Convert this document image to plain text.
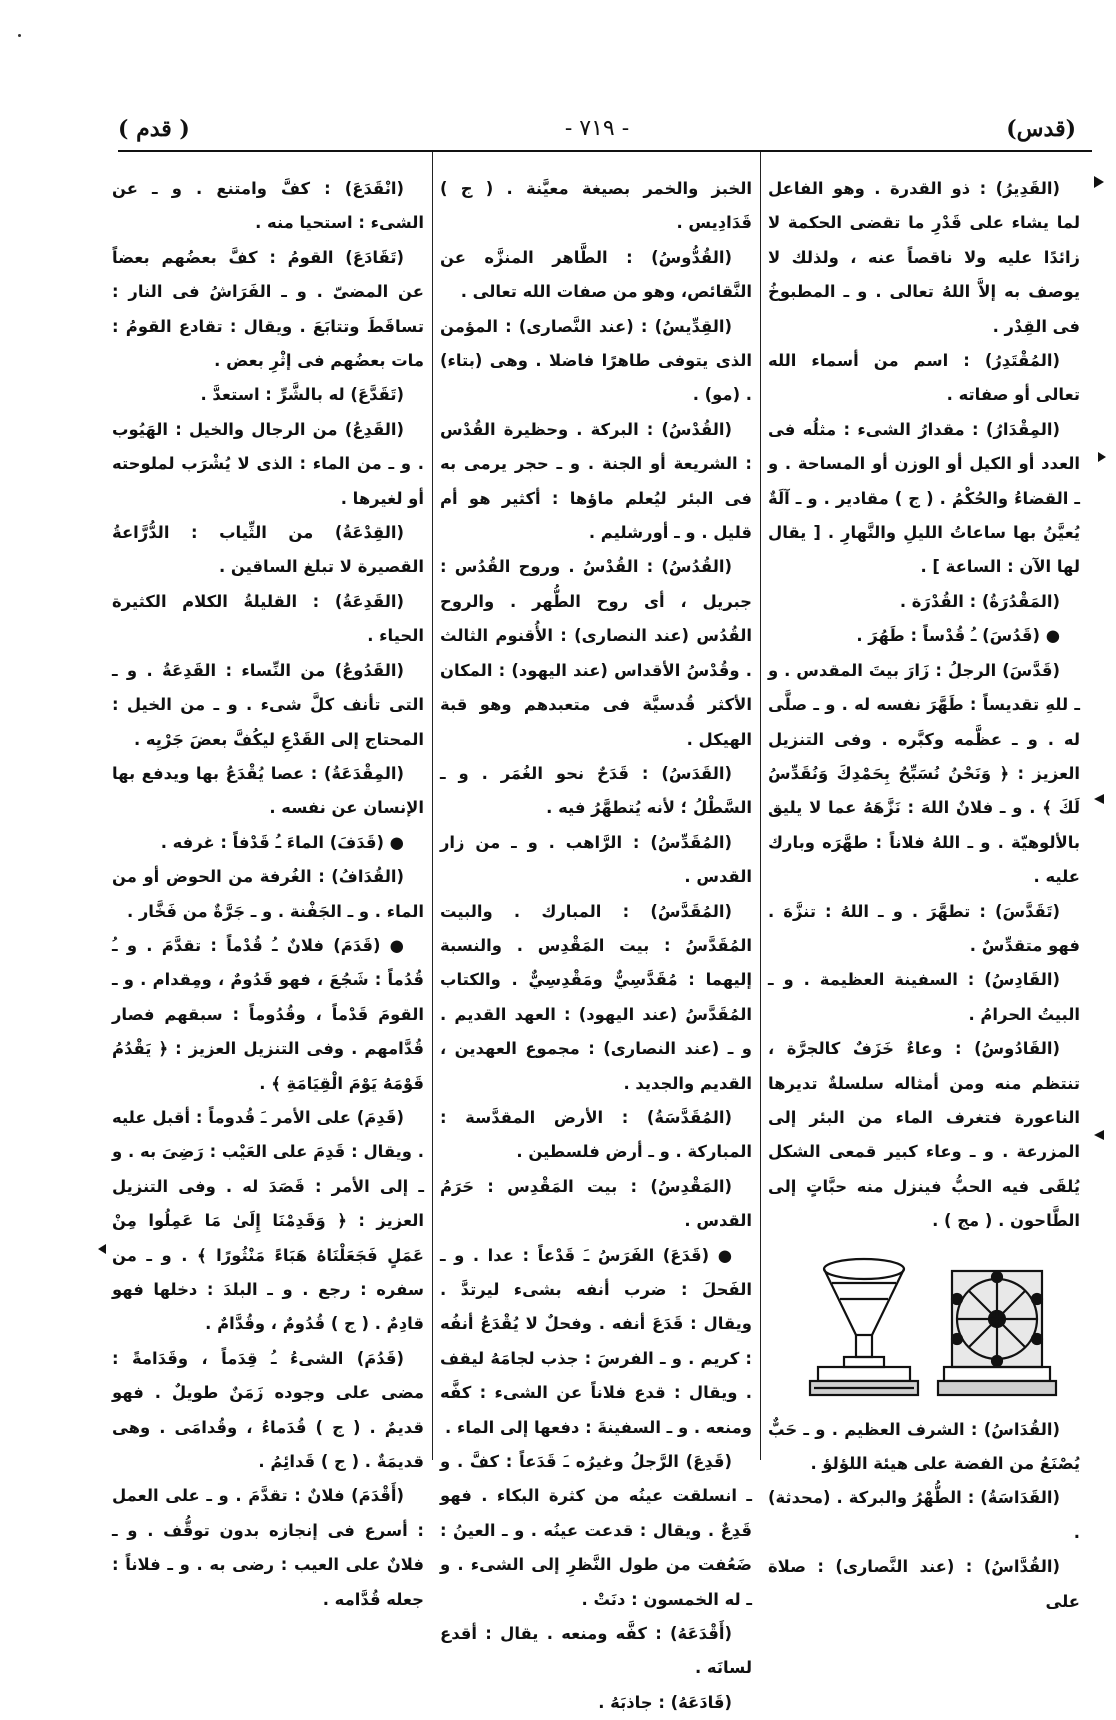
(قدس)
- ٧١٩ -
( قدم )

(القَدِيرُ) : ذو القدرة . وهو الفاعل لما يشاء على قَدْرِ ما تقضى الحكمة لا زائدًا عليه ولا ناقصاً عنه ، ولذلك لا يوصف به إلاَّ اللهُ تعالى . و ـ المطبوخُ فى القِدْر .

(المُقْتَدِرُ) : اسم من أسماء الله تعالى أو صفاته .

(المِقْدَارُ) : مقدارُ الشىء : مثلُه فى العدد أو الكيل أو الوزن أو المساحة . و ـ القضاءُ والحُكْمُ . ( ج ) مقادير . و ـ آلَةٌ يُعيَّنُ بها ساعاتُ الليلِ والنَّهارِ . [ يقال لها الآن : الساعة ] .

(المَقْدُرَةُ) : القُدْرَة .

● (قَدُسَ) ـُ قُدْساً : طَهُرَ .

(قَدَّسَ) الرجلُ : زَارَ بيتَ المقدس . و ـ للهِ تقديساً : طَهَّرَ نفسه له . و ـ صلَّى له . و ـ عظَّمه وكبَّره . وفى التنزيل العزيز : ﴿ وَنَحْنُ نُسَبِّحُ بِحَمْدِكَ وَنُقَدِّسُ لَكَ ﴾ . و ـ فلانٌ اللهَ : نَزَّهَهُ عما لا يليق بالألوهيّة . و ـ اللهُ فلاناً : طهَّرَه وبارك عليه .

(تَقَدَّسَ) : تطهَّرَ . و ـ اللهُ : تنزَّهَ . فهو متقدِّسٌ .

(القَادِسُ) : السفينة العظيمة . و ـ البيتُ الحرامُ .

(القَادُوسُ) : وعاءٌ خَزَفٌ كالجرَّة ، تنتظم منه ومن أمثاله سلسلةٌ تديرها الناعورة فتغرف الماء من البئر إلى المزرعة . و ـ وعاء كبير قمعى الشكل يُلقَى فيه الحبُّ فينزل منه حبَّاتٍ إلى الطَّاحون . ( مج ) .

(القُدَاسُ) : الشرف العظيم . و ـ حَبٌّ يُصْنَعُ من الفضة على هيئة اللؤلؤ .

(القَدَاسَةُ) : الطُّهْرُ والبركة . (محدثة) .

(القُدَّاسُ) : (عند النَّصارى) : صلاة على

الخبز والخمر بصيغة معيَّنة . ( ج ) قَدَادِيس .

(القُدُّوسُ) : الطَّاهر المنزَّه عن النَّقائص، وهو من صفات الله تعالى .

(القِدِّيسُ) : (عند النَّصارى) : المؤمن الذى يتوفى طاهرًا فاضلا . وهى (بتاء) . (مو) .

(القُدْسُ) : البركة . وحظيرة القُدْس : الشريعة أو الجنة . و ـ حجر يرمى به فى البئر ليُعلم ماؤها : أكثير هو أم قليل . و ـ أورشليم .

(القُدُسُ) : القُدْسُ . وروح القُدُس : جبريل ، أى روح الطُّهر . والروح القُدُس (عند النصارى) : الأُقنوم الثالث . وقُدْسُ الأقداس (عند اليهود) : المكان الأكثر قُدسيَّة فى متعبدهم وهو قبة الهيكل .

(القَدَسُ) : قَدَحٌ نحو الغُمَر . و ـ السَّطْلُ ؛ لأنه يُتطهَّرُ فيه .

(المُقَدِّسُ) : الرَّاهب . و ـ من زار القدس .

(المُقَدَّسُ) : المبارك . والبيت المُقَدَّسُ : بيت المَقْدِس . والنسبة إليهما : مُقَدَّسِيٌّ ومَقْدِسِيٌّ . والكتاب المُقَدَّسُ (عند اليهود) : العهد القديم . و ـ (عند النصارى) : مجموع العهدين ، القديم والجديد .

(المُقَدَّسَةُ) : الأرض المقدَّسة : المباركة . و ـ أرض فلسطين .

(المَقْدِسُ) : بيت المَقْدِس : حَرَمُ القدس .

● (قَدَعَ) الفَرَسُ ـَ قَدْعاً : عدا . و ـ الفَحلَ : ضرب أنفه بشىء ليرتدَّ . ويقال : قَدَعَ أنفه . وفحلٌ لا يُقْدَعُ أنفُه : كريم . و ـ الفرسَ : جذب لجامَهُ ليقف . ويقال : قدع فلاناً عن الشىء : كفَّه ومنعه . و ـ السفينةَ : دفعها إلى الماء .

(قَدِعَ) الرَّجلُ وغيرُه ـَ قَدَعاً : كفَّ . و ـ انسلقت عينُه من كثرة البكاء . فهو قَدِعٌ . ويقال : قدعت عينُه . و ـ العينُ : ضَعُفت من طول النَّظرِ إلى الشىء . و ـ له الخمسون : دنَتْ .

(أَقْدَعَهُ) : كفَّه ومنعه . يقال : أقدع لسانَه .

(قَادَعَهُ) : جاذبَهُ .

(انْقَدَعَ) : كفَّ وامتنع . و ـ عن الشىء : استحيا منه .

(تَقَادَعَ) القومُ : كفَّ بعضُهم بعضاً عن المضىّ . و ـ الفَرَاشُ فى النار : تساقَطَ وتتابَعَ . ويقال : تقادع القومُ : مات بعضُهم فى إثْرِ بعض .

(تَقَدَّعَ) له بالشَّرِّ : استعدَّ .

(القَدِعُ) من الرجال والخيل : الهَيُوب . و ـ من الماء : الذى لا يُشْرَب لملوحته أو لغيرها .

(القِدْعَةُ) من الثِّياب : الدُّرَّاعةُ القصيرة لا تبلغ الساقين .

(القَدِعَةُ) : القليلةُ الكلام الكثيرة الحياء .

(القَدُوعُ) من النِّساء : القَدِعَةُ . و ـ التى تأنف كلَّ شىء . و ـ من الخيل : المحتاج إلى القَدْعِ ليكُفَّ بعضَ جَرْيِه .

(المِقْدَعَةُ) : عصا يُقْدَعُ بها ويدفع بها الإنسان عن نفسه .

● (قَدَفَ) الماءَ ـُ قَدْفاً : غرفه .

(القُدَافُ) : الغُرفة من الحوض أو من الماء . و ـ الجَفْنة . و ـ جَرَّةٌ من فَخَّار .

● (قَدَمَ) فلانٌ ـُ قُدْماً : تقدَّمَ . و ـُ قُدُماً : شَجُعَ ، فهو قَدُومٌ ، ومِقدام . و ـ القومَ قَدْماً ، وقُدُوماً : سبقهم فصار قُدَّامهم . وفى التنزيل العزيز : ﴿ يَقْدُمُ قَوْمَهُ يَوْمَ الْقِيَامَةِ ﴾ .

(قَدِمَ) على الأمر ـَ قُدوماً : أقبل عليه . ويقال : قَدِمَ على العَيْب : رَضِىَ به . و ـ إلى الأمر : قَصَدَ له . وفى التنزيل العزيز : ﴿ وَقَدِمْنَا إِلَىٰ مَا عَمِلُوا مِنْ عَمَلٍ فَجَعَلْنَاهُ هَبَاءً مَنْثُورًا ﴾ . و ـ من سفره : رجع . و ـ البلدَ : دخلها فهو قادِمٌ . ( ج ) قُدُومٌ ، وقُدَّامٌ .

(قَدُمَ) الشىءُ ـُ قِدَماً ، وقَدَامةً : مضى على وجوده زَمَنٌ طويلٌ . فهو قديمٌ . ( ج ) قُدَماءُ ، وقُدامَى . وهى قديمَةٌ . ( ج ) قَدائِمُ .

(أَقْدَمَ) فلانٌ : تقدَّمَ . و ـ على العمل : أسرع فى إنجازه بدون توقُّف . و ـ فلانٌ على العيب : رضى به . و ـ فلاناً : جعله قُدَّامه .
